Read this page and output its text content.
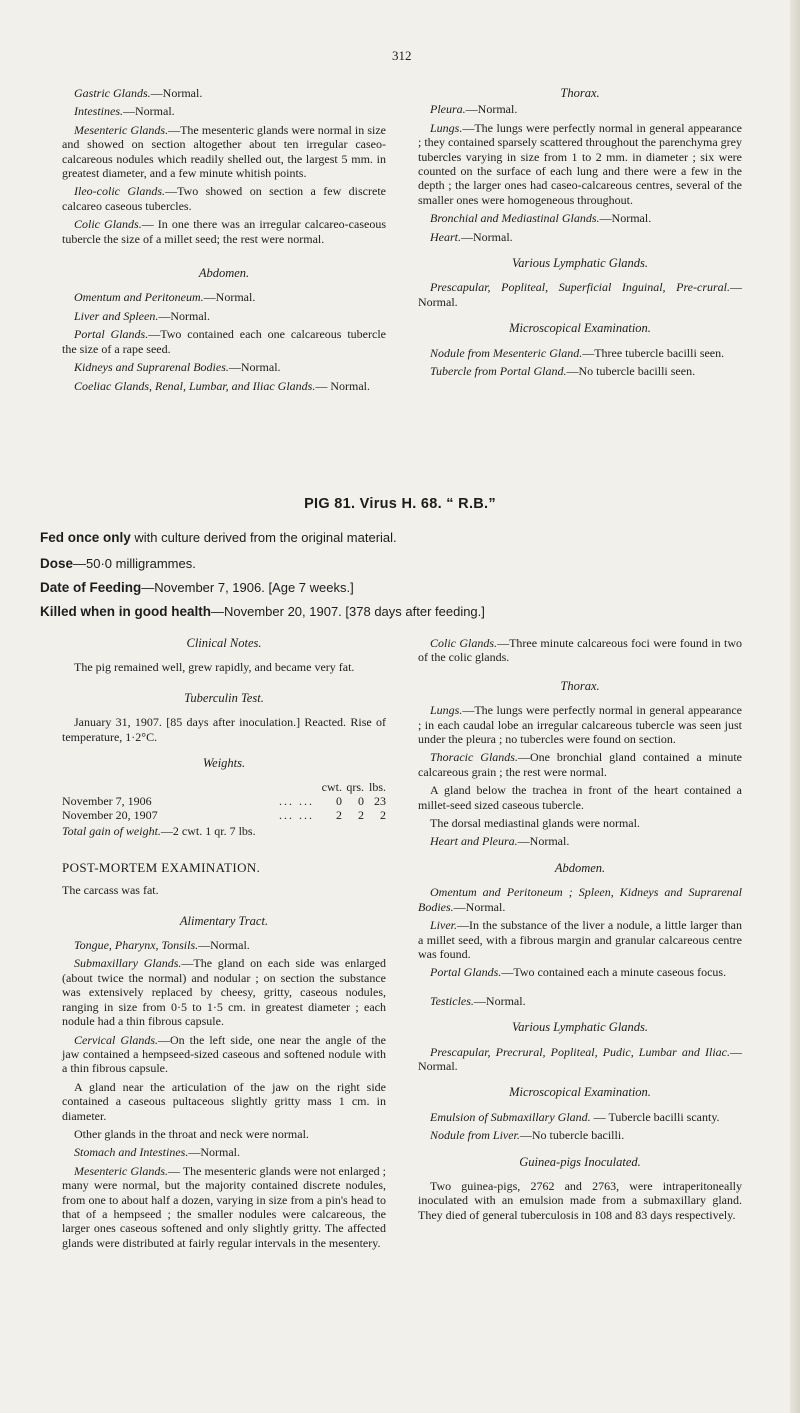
312

Gastric Glands.—Normal.

Intestines.—Normal.

Mesenteric Glands.—The mesenteric glands were normal in size and showed on section altogether about ten irregular caseo-calcareous nodules which readily shelled out, the largest 5 mm. in greatest diameter, and a few minute whitish points.

Ileo-colic Glands.—Two showed on section a few discrete calcareo caseous tubercles.

Colic Glands.— In one there was an irregular calcareo-caseous tubercle the size of a millet seed; the rest were normal.

Abdomen.

Omentum and Peritoneum.—Normal.

Liver and Spleen.—Normal.

Portal Glands.—Two contained each one calcareous tubercle the size of a rape seed.

Kidneys and Suprarenal Bodies.—Normal.

Coeliac Glands, Renal, Lumbar, and Iliac Glands.— Normal.

Thorax.

Pleura.—Normal.

Lungs.—The lungs were perfectly normal in general appearance ; they contained sparsely scattered throughout the parenchyma grey tubercles varying in size from 1 to 2 mm. in diameter ; six were counted on the surface of each lung and there were a few in the depth ; the larger ones had caseo-calcareous centres, several of the smaller ones were homogeneous throughout.

Bronchial and Mediastinal Glands.—Normal.

Heart.—Normal.

Various Lymphatic Glands.

Prescapular, Popliteal, Superficial Inguinal, Pre-crural.—Normal.

Microscopical Examination.

Nodule from Mesenteric Gland.—Three tubercle bacilli seen.

Tubercle from Portal Gland.—No tubercle bacilli seen.

PIG 81. Virus H. 68. “ R.B.”
Fed once only with culture derived from the original material.
Dose—50·0 milligrammes.
Date of Feeding—November 7, 1906. [Age 7 weeks.]
Killed when in good health—November 20, 1907. [378 days after feeding.]
Clinical Notes.

The pig remained well, grew rapidly, and became very fat.

Tuberculin Test.

January 31, 1907. [85 days after inoculation.] Reacted. Rise of temperature, 1·2°C.

Weights.
		cwt.	qrs.	lbs.
November 7, 1906	... ...	0	0	23
November 20, 1907	... ...	2	2	2

Total gain of weight.—2 cwt. 1 qr. 7 lbs.

POST-MORTEM EXAMINATION.

The carcass was fat.

Alimentary Tract.

Tongue, Pharynx, Tonsils.—Normal.

Submaxillary Glands.—The gland on each side was enlarged (about twice the normal) and nodular ; on section the substance was extensively replaced by cheesy, gritty, caseous nodules, ranging in size from 0·5 to 1·5 cm. in greatest diameter ; each nodule had a thin fibrous capsule.

Cervical Glands.—On the left side, one near the angle of the jaw contained a hempseed-sized caseous and softened nodule with a thin fibrous capsule.

A gland near the articulation of the jaw on the right side contained a caseous pultaceous slightly gritty mass 1 cm. in diameter.

Other glands in the throat and neck were normal.

Stomach and Intestines.—Normal.

Mesenteric Glands.— The mesenteric glands were not enlarged ; many were normal, but the majority contained discrete nodules, from one to about half a dozen, varying in size from a pin's head to that of a hempseed ; the smaller nodules were calcareous, the larger ones caseous softened and only slightly gritty. The affected glands were distributed at fairly regular intervals in the mesentery.

Colic Glands.—Three minute calcareous foci were found in two of the colic glands.

Thorax.

Lungs.—The lungs were perfectly normal in general appearance ; in each caudal lobe an irregular calcareous tubercle was seen just under the pleura ; no tubercles were found on section.

Thoracic Glands.—One bronchial gland contained a minute calcareous grain ; the rest were normal.

A gland below the trachea in front of the heart contained a millet-seed sized caseous tubercle.

The dorsal mediastinal glands were normal.

Heart and Pleura.—Normal.

Abdomen.

Omentum and Peritoneum ; Spleen, Kidneys and Suprarenal Bodies.—Normal.

Liver.—In the substance of the liver a nodule, a little larger than a millet seed, with a fibrous margin and granular calcareous centre was found.

Portal Glands.—Two contained each a minute caseous focus.

Testicles.—Normal.

Various Lymphatic Glands.

Prescapular, Precrural, Popliteal, Pudic, Lumbar and Iliac.—Normal.

Microscopical Examination.

Emulsion of Submaxillary Gland. — Tubercle bacilli scanty.

Nodule from Liver.—No tubercle bacilli.

Guinea-pigs Inoculated.

Two guinea-pigs, 2762 and 2763, were intraperitoneally inoculated with an emulsion made from a submaxillary gland. They died of general tuberculosis in 108 and 83 days respectively.
